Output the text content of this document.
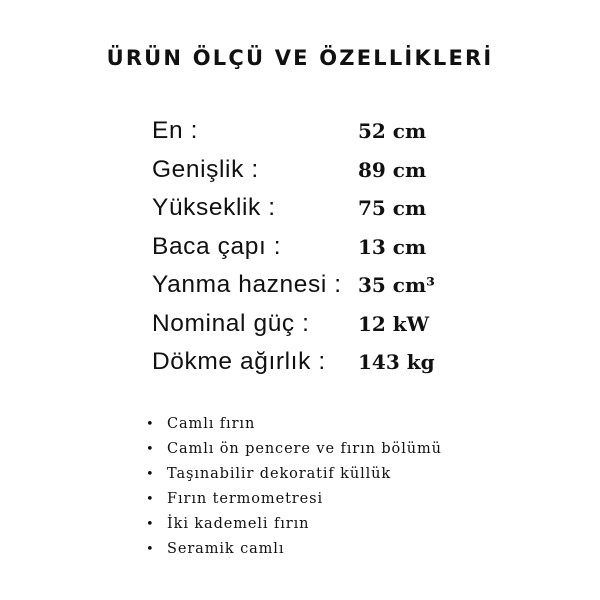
ÜRÜN ÖLÇÜ VE ÖZELLİKLERİ
En :	52 cm
Genişlik :	89 cm
Yükseklik :	75 cm
Baca çapı :	13 cm
Yanma haznesi : 35 cm³
Nominal güç : 12 kW
Dökme ağırlık : 143 kg
• Camlı fırın
• Camlı ön pencere ve fırın bölümü
• Taşınabilir dekoratif küllük
• Fırın termometresi
• İki kademeli fırın
• Seramik camlı
